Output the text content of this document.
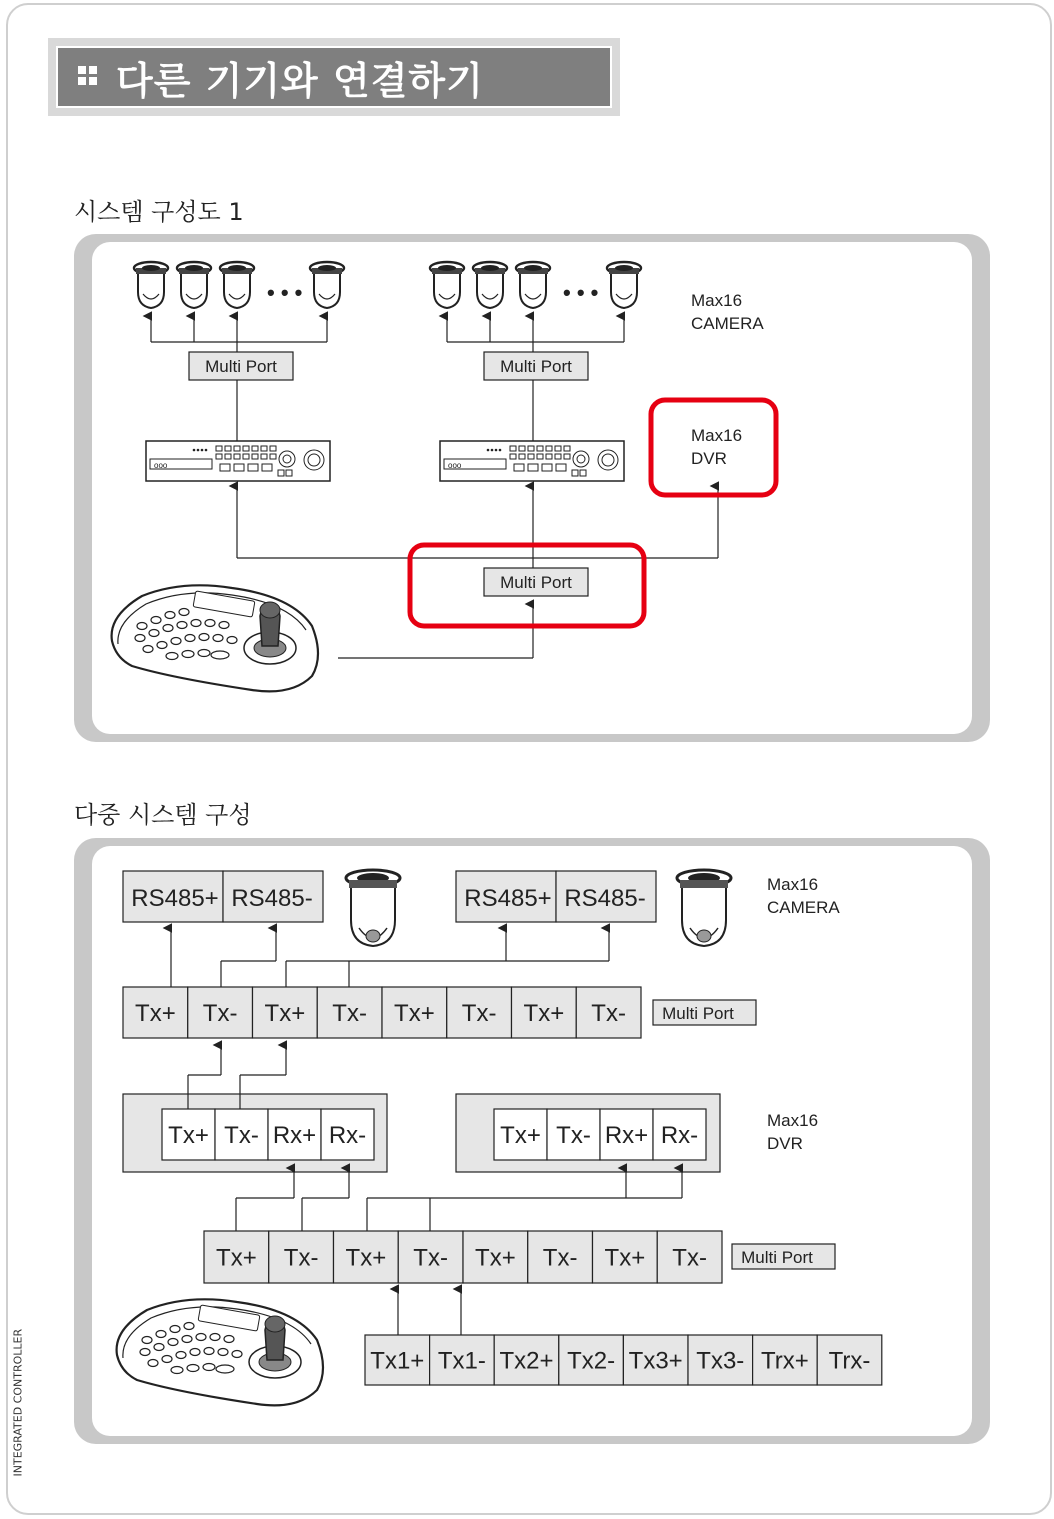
다른 기기와 연결하기
시스템 구성도 1
ooo
• • •	• • •
Multi Port	Multi Port
Multi Port
Max16
CAMERA
Max16
DVR
다중 시스템 구성
RS485+ RS485-	RS485+ RS485-
Max16
CAMERA
Tx+ Tx- Tx+ Tx- Tx+ Tx- Tx+ Tx- Multi Port
Tx+ Tx- Rx+ Rx-	Tx+ Tx- Rx+ Rx-
Max16
DVR
Tx+ Tx- Tx+ Tx- Tx+ Tx- Tx+ Tx- Multi Port
Tx1+ Tx1- Tx2+ Tx2- Tx3+ Tx3- Trx+ Trx-
INTEGRATED CONTROLLER
